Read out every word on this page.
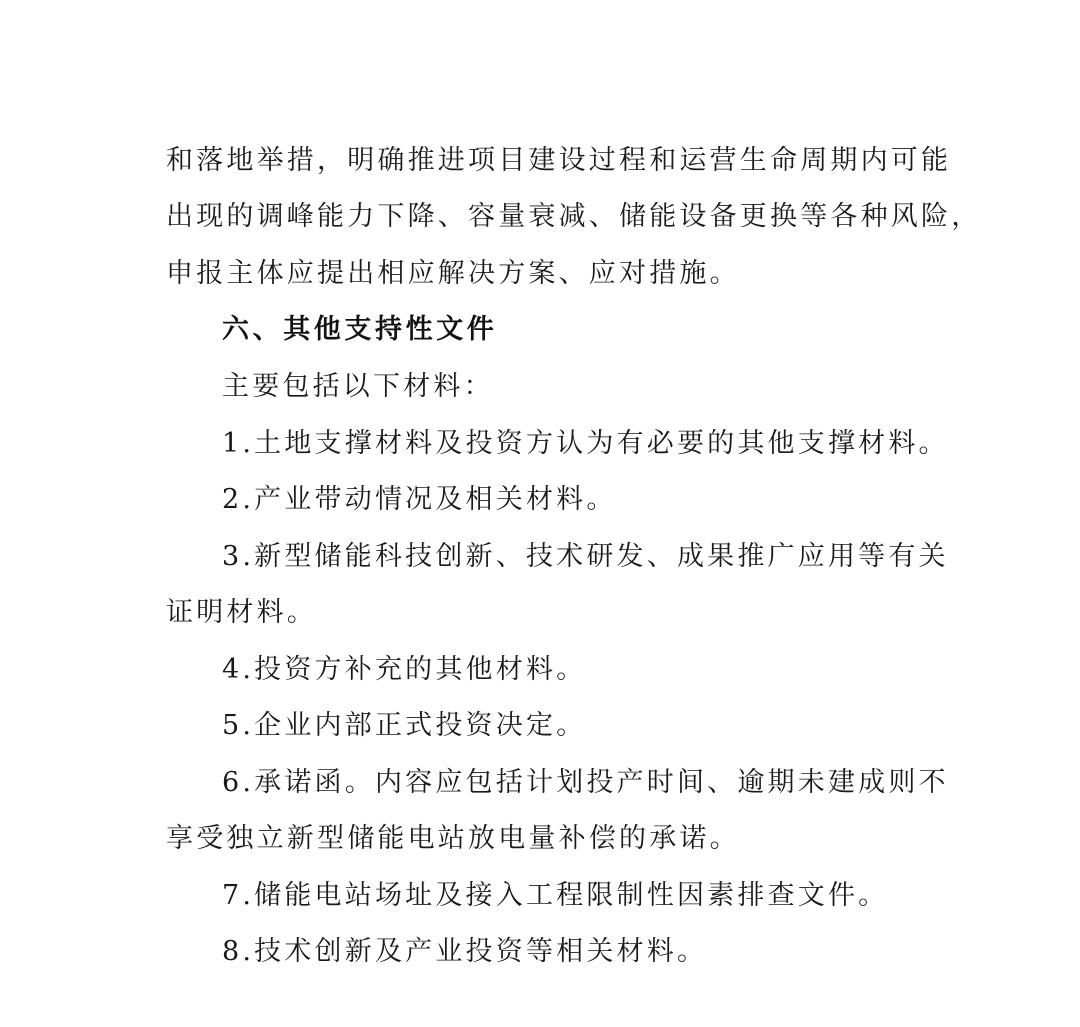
和落地举措，明确推进项目建设过程和运营生命周期内可能
出现的调峰能力下降、容量衰减、储能设备更换等各种风险，
申报主体应提出相应解决方案、应对措施。
六、其他支持性文件
主要包括以下材料：
1.土地支撑材料及投资方认为有必要的其他支撑材料。
2.产业带动情况及相关材料。
3.新型储能科技创新、技术研发、成果推广应用等有关
证明材料。
4.投资方补充的其他材料。
5.企业内部正式投资决定。
6.承诺函。内容应包括计划投产时间、逾期未建成则不
享受独立新型储能电站放电量补偿的承诺。
7.储能电站场址及接入工程限制性因素排查文件。
8.技术创新及产业投资等相关材料。
